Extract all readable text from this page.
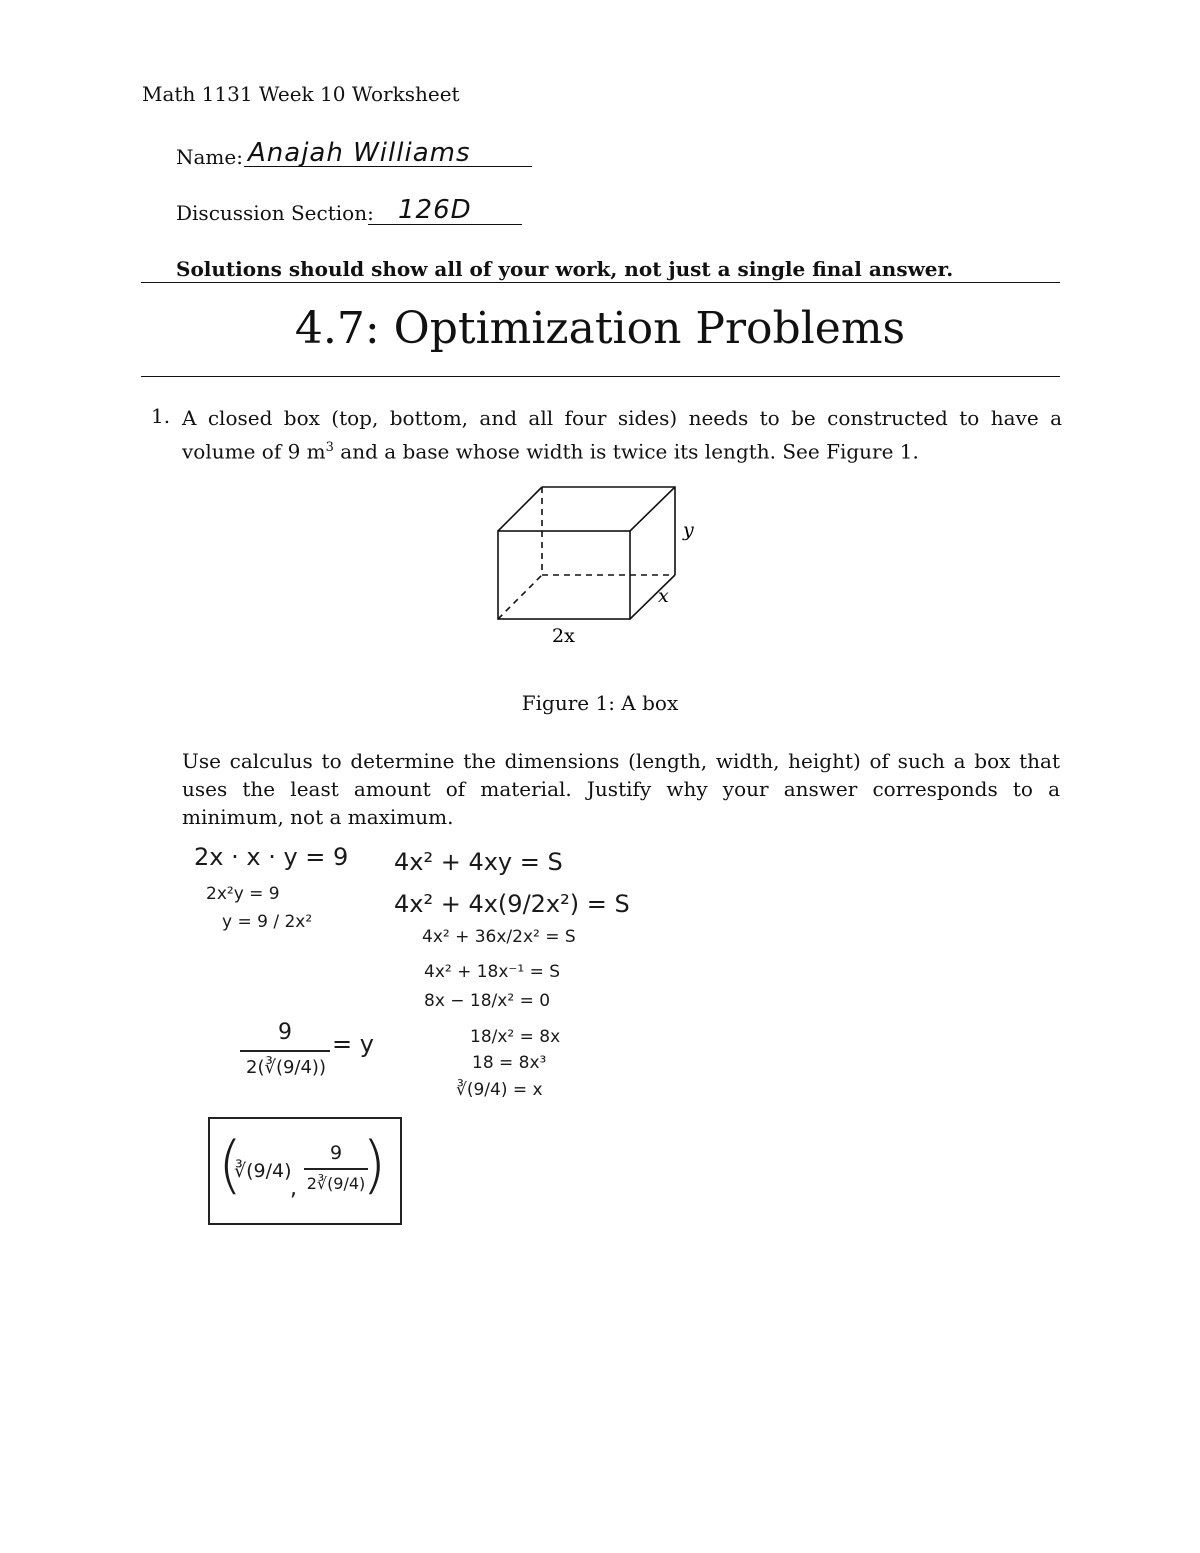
Math 1131 Week 10 Worksheet
Name: Anajah Williams
Discussion Section: 126D
Solutions should show all of your work, not just a single final answer.
4.7: Optimization Problems
1. A closed box (top, bottom, and all four sides) needs to be constructed to have a volume of 9 $m^3$ and a base whose width is twice its length. See Figure 1.
y
x
2x
Figure 1: A box
Use calculus to determine the dimensions (length, width, height) of such a box that uses the least amount of material. Justify why your answer corresponds to a minimum, not a maximum.
2x · x · y = 9
2x²y = 9
y = 9 / 2x²
4x² + 4xy = S
4x² + 4x(9/2x²) = S
4x² + 36x/2x² = S
4x² + 18x⁻¹ = S
8x − 18/x² = 0
18/x² = 8x
18 = 8x³
∛(9/4) = x
9
2(∛(9/4))
= y
( )
∛(9/4)
,
9
2∛(9/4)
